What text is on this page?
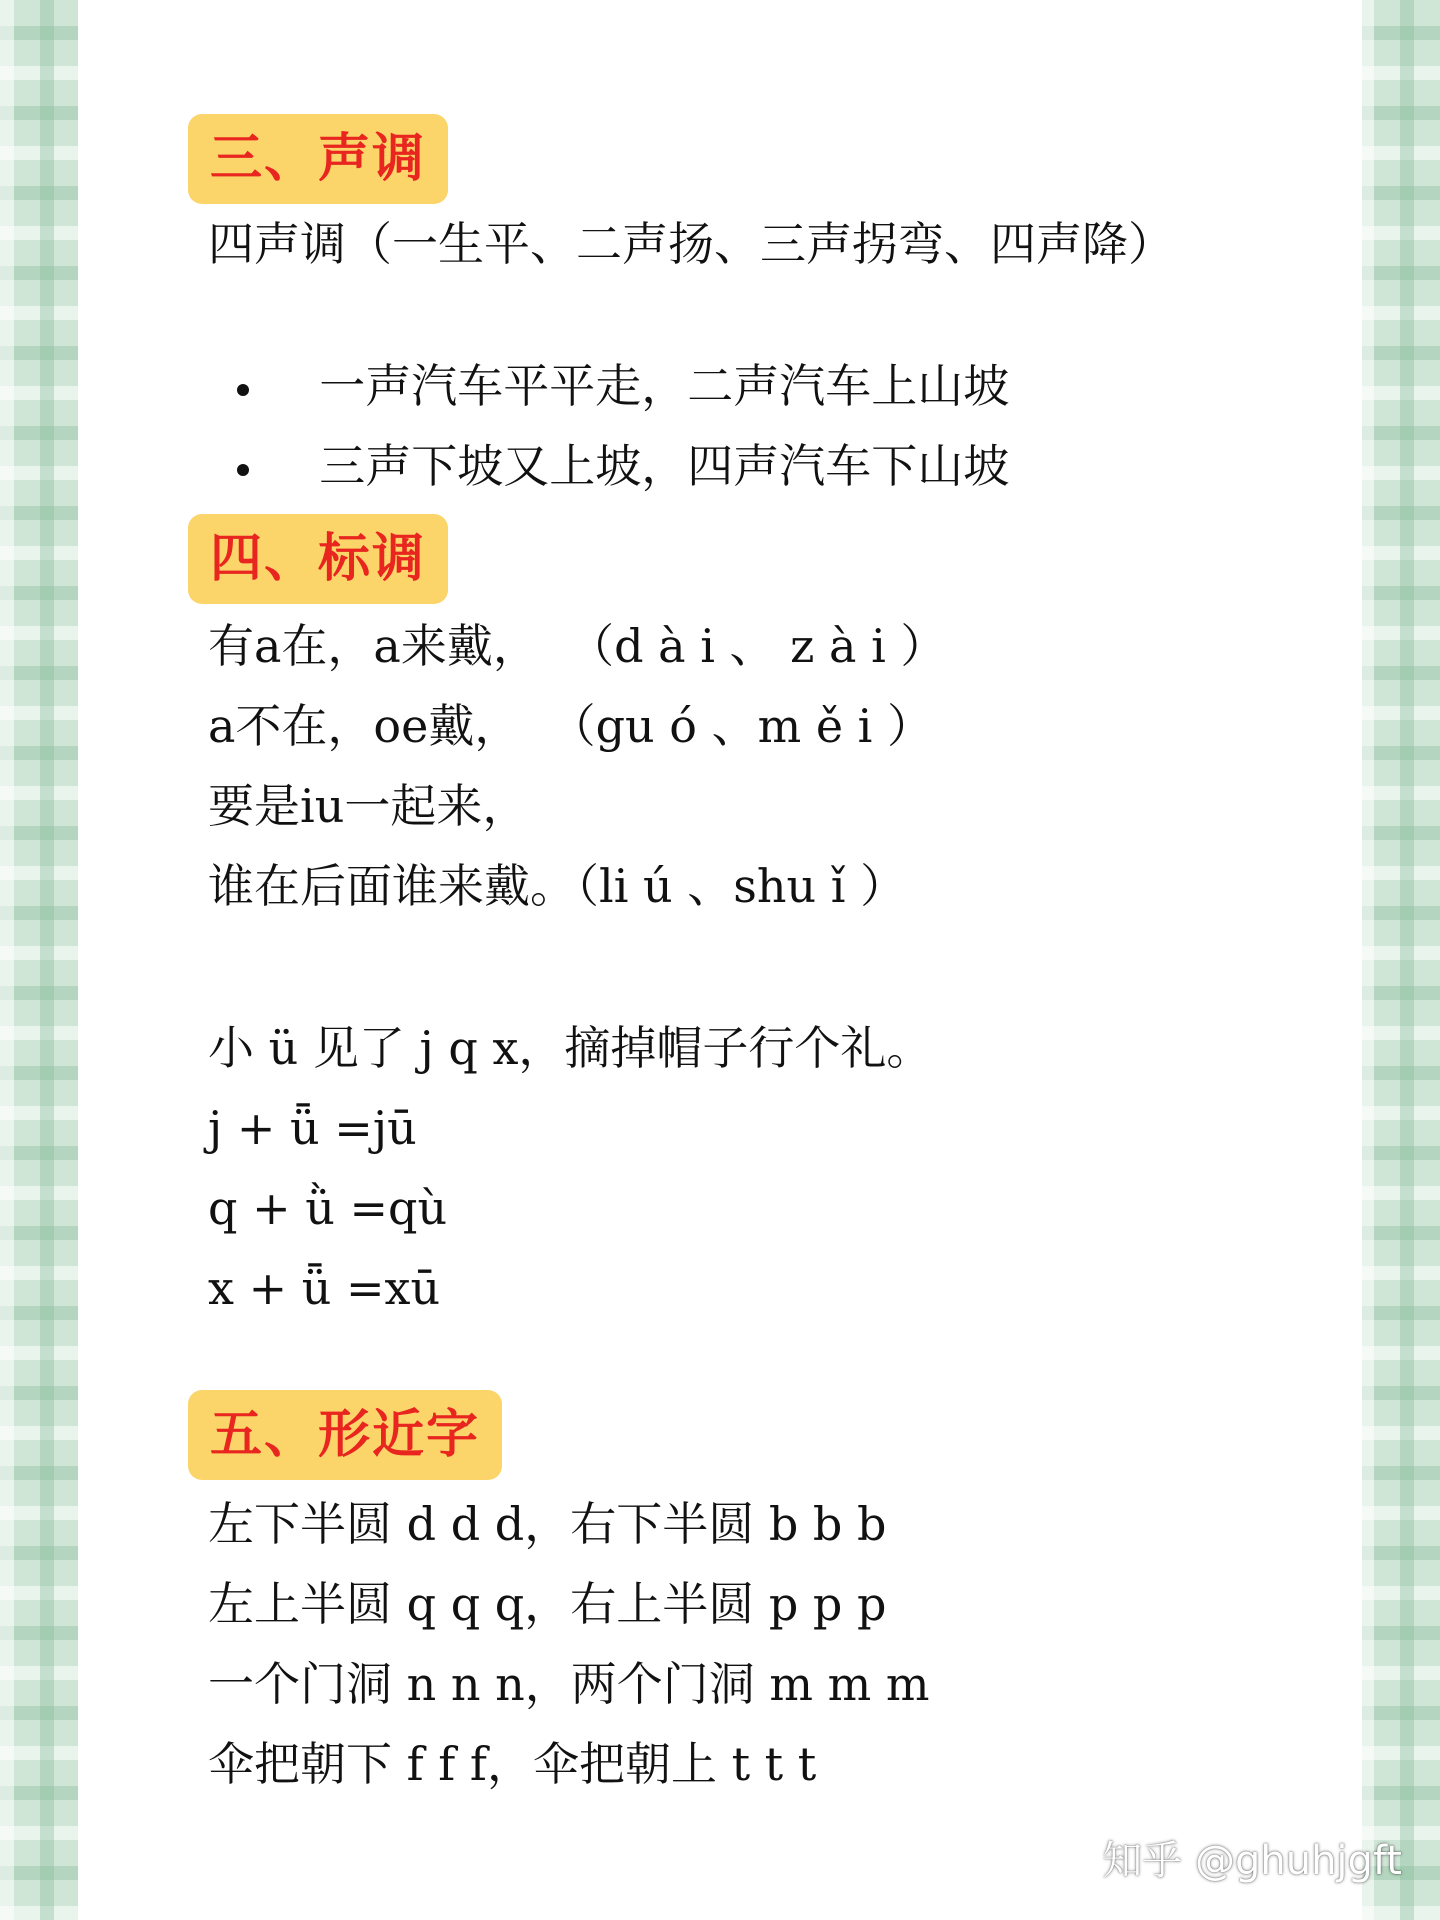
三、声调
四声调（一生平、二声扬、三声拐弯、四声降）

一声汽车平平走，二声汽车上山坡

三声下坡又上坡，四声汽车下山坡

四、标调
有a在，a来戴，  （d à i 、 z à i ）
a不在，oe戴，  （gu ó 、m ě i ）
要是iu一起来，
谁在后面谁来戴。（li ú 、shu ǐ ）
小 ü 见了 j q x，摘掉帽子行个礼。
j + ǖ =jū
q + ǜ =qù
x + ǖ =xū
五、形近字
左下半圆 d d d，右下半圆 b b b
左上半圆 q q q，右上半圆 p p p
一个门洞 n n n，两个门洞 m m m
伞把朝下 f f f，伞把朝上 t t t
知乎 @ghuhjgft
